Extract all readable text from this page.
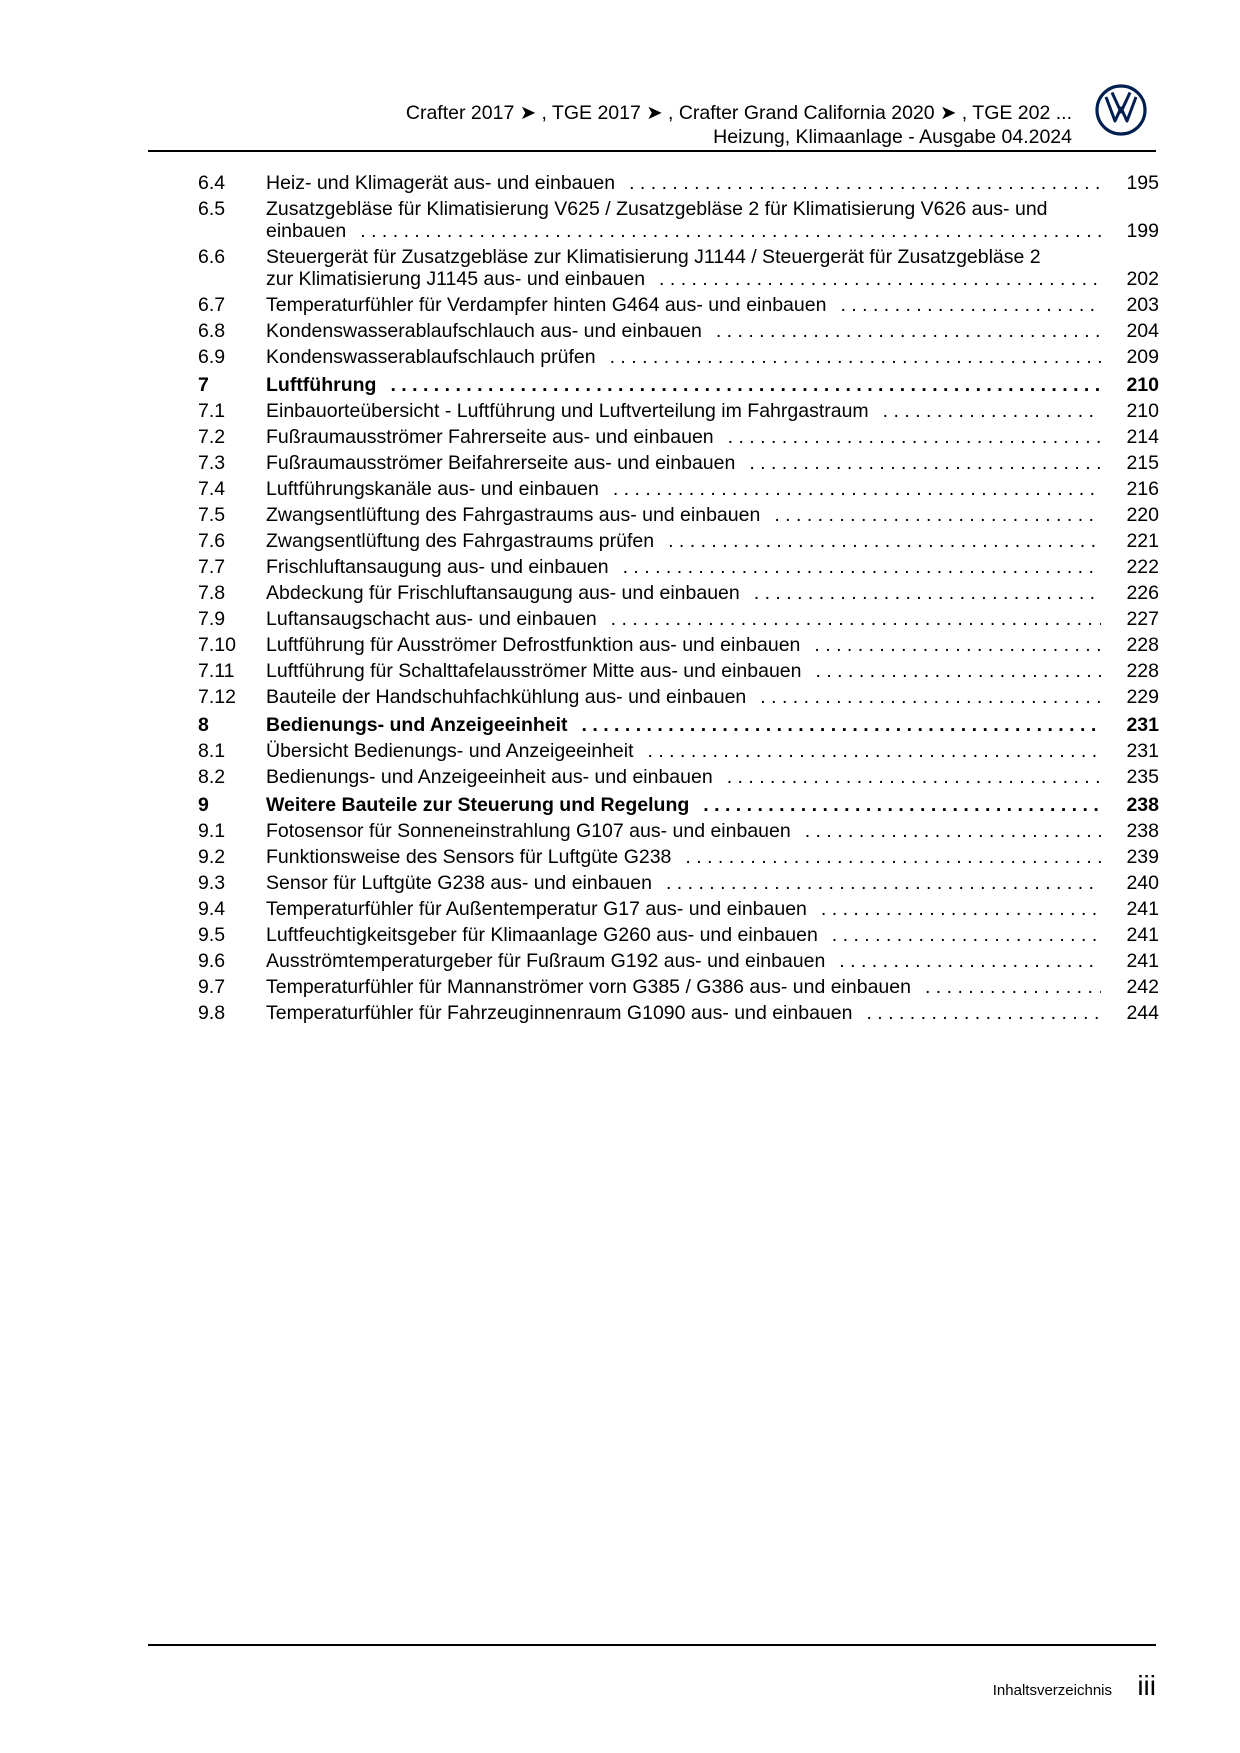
Crafter 2017 ➤ , TGE 2017 ➤ , Crafter Grand California 2020 ➤ , TGE 202 ...
Heizung, Klimaanlage - Ausgabe 04.2024
6.4 Heiz- und Klimagerät aus- und einbauen . . .	195
6.5 Zusatzgebläse für Klimatisierung V625 / Zusatzgebläse 2 für Klimatisierung V626 aus- und
einbauen . . .	199
6.6 Steuergerät für Zusatzgebläse zur Klimatisierung J1144 / Steuergerät für Zusatzgebläse 2
zur Klimatisierung J1145 aus- und einbauen . . .	202
6.7 Temperaturfühler für Verdampfer hinten G464 aus- und einbauen . . .	203
6.8 Kondenswasserablaufschlauch aus- und einbauen . . .	204
6.9 Kondenswasserablaufschlauch prüfen . . .	209
7	Luftführung . . .	210
7.1 Einbauorteübersicht - Luftführung und Luftverteilung im Fahrgastraum . . .	210
7.2 Fußraumausströmer Fahrerseite aus- und einbauen . . .	214
7.3 Fußraumausströmer Beifahrerseite aus- und einbauen . . .	215
7.4 Luftführungskanäle aus- und einbauen . . .	216
7.5 Zwangsentlüftung des Fahrgastraums aus- und einbauen . . .	220
7.6 Zwangsentlüftung des Fahrgastraums prüfen . . .	221
7.7 Frischluftansaugung aus- und einbauen . . .	222
7.8 Abdeckung für Frischluftansaugung aus- und einbauen . . .	226
7.9 Luftansaugschacht aus- und einbauen . . .	227
7.10 Luftführung für Ausströmer Defrostfunktion aus- und einbauen . . .	228
7.11 Luftführung für Schalttafelausströmer Mitte aus- und einbauen . . .	228
7.12 Bauteile der Handschuhfachkühlung aus- und einbauen . . .	229
8	Bedienungs- und Anzeigeeinheit . . .	231
8.1 Übersicht Bedienungs- und Anzeigeeinheit . . .	231
8.2 Bedienungs- und Anzeigeeinheit aus- und einbauen . . .	235
9	Weitere Bauteile zur Steuerung und Regelung . . .	238
9.1 Fotosensor für Sonneneinstrahlung G107 aus- und einbauen . . .	238
9.2 Funktionsweise des Sensors für Luftgüte G238 . . .	239
9.3 Sensor für Luftgüte G238 aus- und einbauen . . .	240
9.4 Temperaturfühler für Außentemperatur G17 aus- und einbauen . . .	241
9.5 Luftfeuchtigkeitsgeber für Klimaanlage G260 aus- und einbauen . . .	241
9.6 Ausströmtemperaturgeber für Fußraum G192 aus- und einbauen . . .	241
9.7 Temperaturfühler für Mannanströmer vorn G385 / G386 aus- und einbauen . . .	242
9.8 Temperaturfühler für Fahrzeuginnenraum G1090 aus- und einbauen . . .	244
Inhaltsverzeichnis iii
